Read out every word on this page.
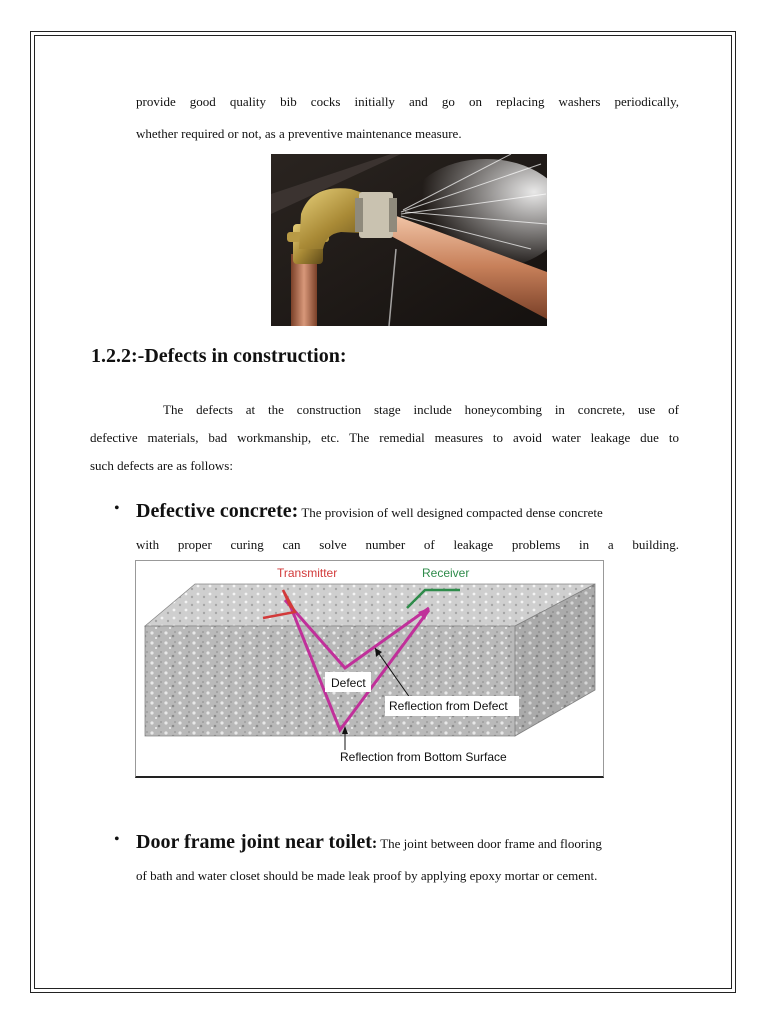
provide good quality bib cocks initially and go on replacing washers periodically,

whether required or not, as a preventive maintenance measure.

1.2.2:-Defects in construction:

The defects at the construction stage include honeycombing in concrete, use of

defective materials, bad workmanship, etc. The remedial measures to avoid water leakage due to

such defects are as follows:

• Defective concrete: The provision of well designed compacted dense concrete

with proper curing can solve number of leakage problems in a building.

Transmitter	Receiver
Defect
Reflection from Defect
Reflection from Bottom Surface
• Door frame joint near toilet: The joint between door frame and flooring

of bath and water closet should be made leak proof by applying epoxy mortar or cement.
